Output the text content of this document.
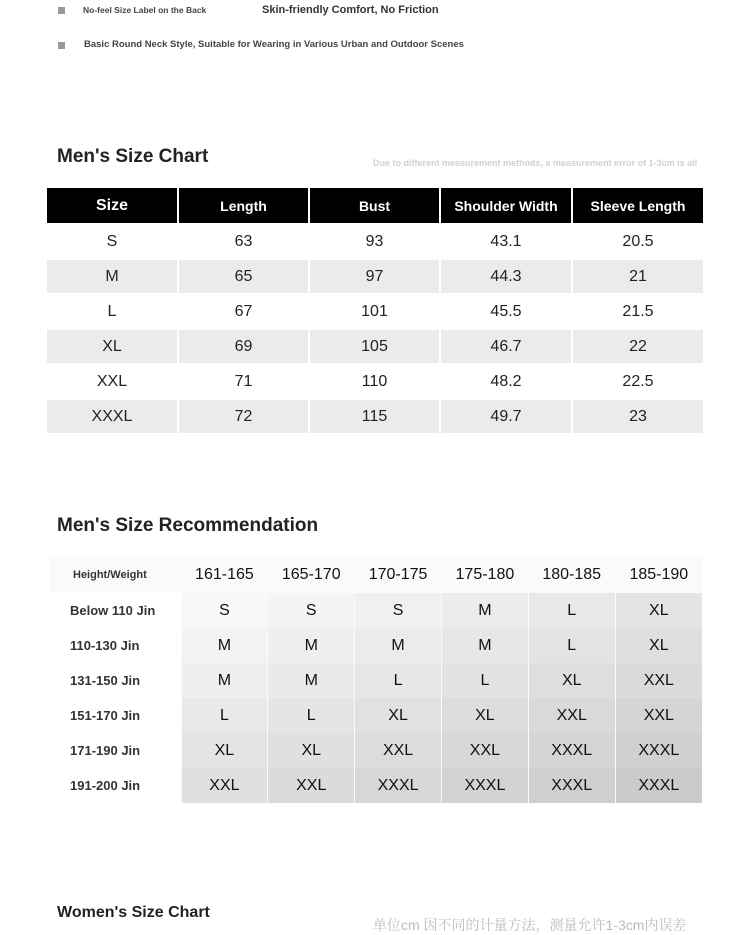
No-feel Size Label on the Back	Skin-friendly Comfort, No Friction
Basic Round Neck Style, Suitable for Wearing in Various Urban and Outdoor Scenes
Men's Size Chart	Due to different measurement methods, a measurement error of 1-3cm is all
Size	Length	Bust	Shoulder Width	Sleeve Length
S	63	93	43.1	20.5
M	65	97	44.3	21
L	67	101	45.5	21.5
XL	69	105	46.7	22
XXL	71	110	48.2	22.5
XXXL	72	115	49.7	23
Men's Size Recommendation
Height/Weight	161-165	165-170	170-175	175-180	180-185	185-190
Below 110 Jin	S	S	S	M	L	XL
110-130 Jin	M	M	M	M	L	XL
131-150 Jin	M	M	L	L	XL	XXL
151-170 Jin	L	L	XL	XL	XXL	XXL
171-190 Jin	XL	XL	XXL	XXL	XXXL	XXXL
191-200 Jin	XXL	XXL	XXXL	XXXL	XXXL	XXXL
Women's Size Chart
单位cm 因不同的计量方法，测量允许1-3cm内误差
